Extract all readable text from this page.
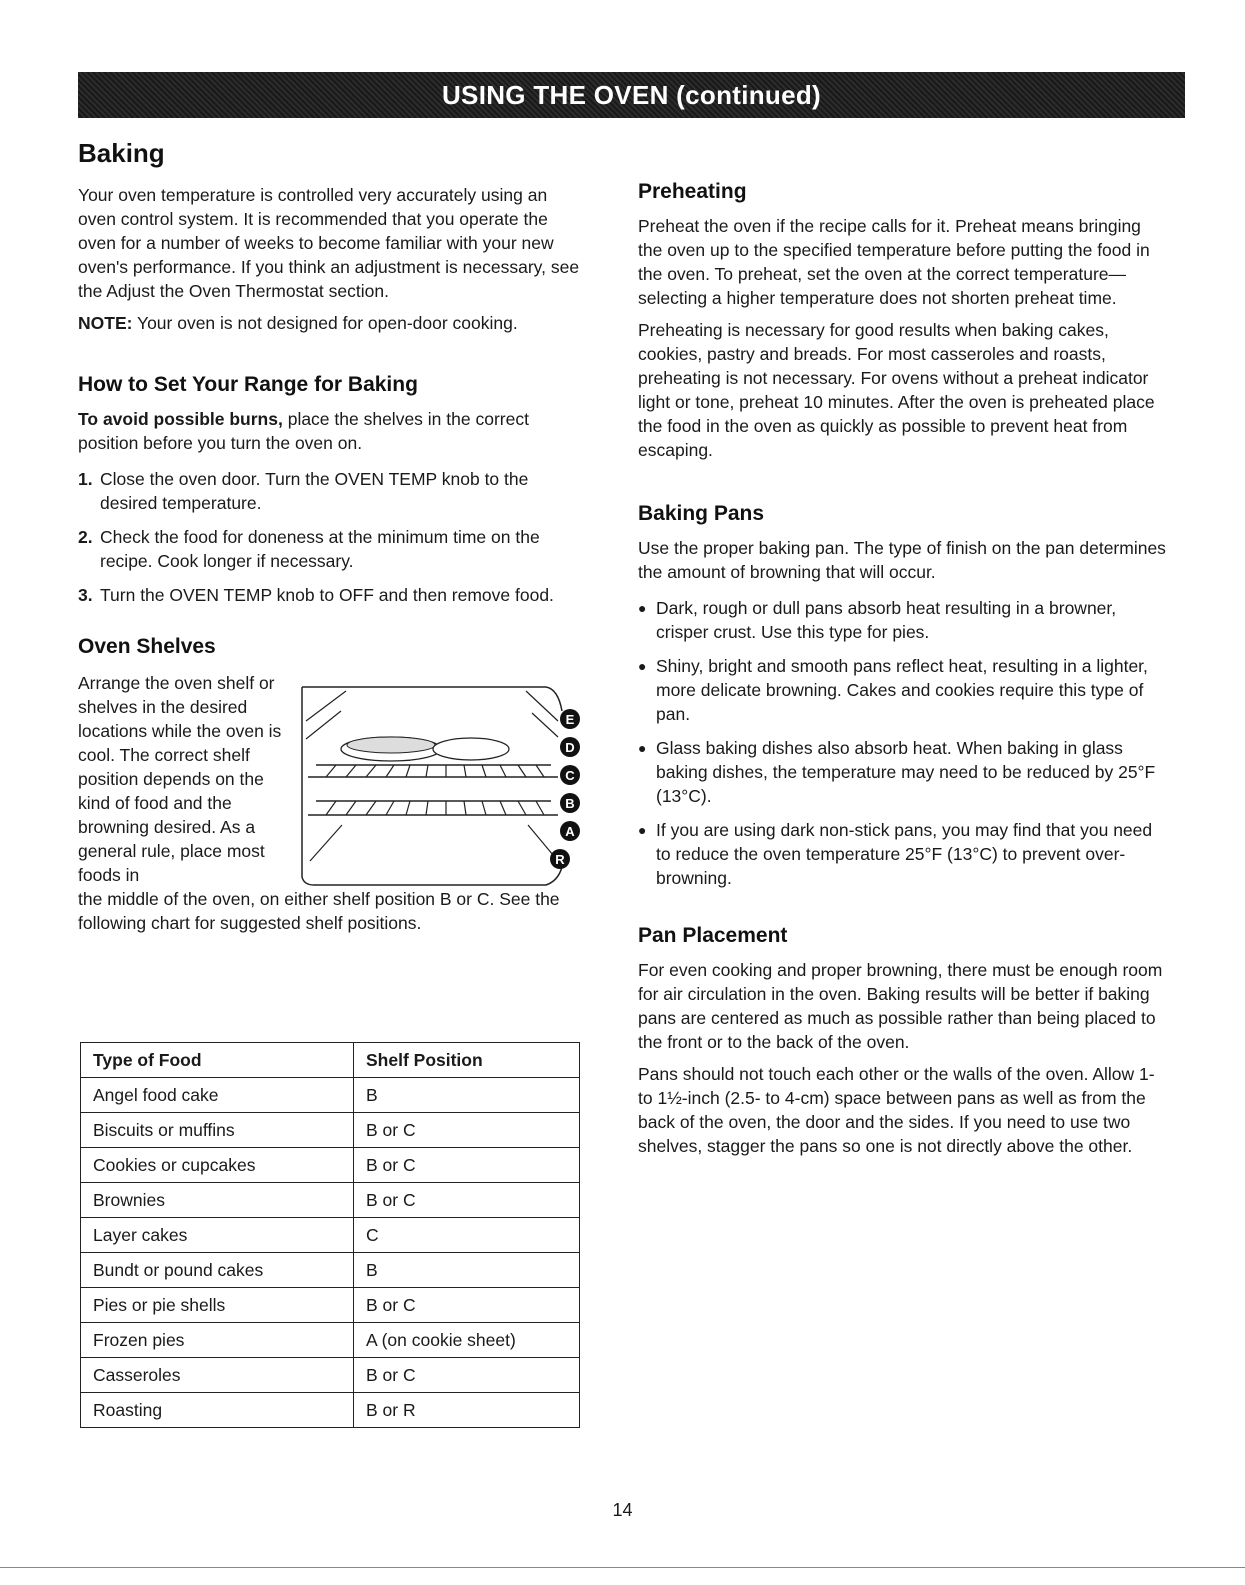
USING THE OVEN (continued)
Baking

Your oven temperature is controlled very accurately using an oven control system. It is recommended that you operate the oven for a number of weeks to become familiar with your new oven's performance. If you think an adjustment is necessary, see the Adjust the Oven Thermostat section.

NOTE: Your oven is not designed for open-door cooking.

How to Set Your Range for Baking

To avoid possible burns, place the shelves in the correct position before you turn the oven on.

1. Close the oven door. Turn the OVEN TEMP knob to the desired temperature.
2. Check the food for doneness at the minimum time on the recipe. Cook longer if necessary.
3. Turn the OVEN TEMP knob to OFF and then remove food.
Oven Shelves

Arrange the oven shelf or shelves in the desired locations while the oven is cool. The correct shelf position depends on the kind of food and the browning desired. As a general rule, place most foods in

E
D
C
B
A
R

the middle of the oven, on either shelf position B or C. See the following chart for suggested shelf positions.

Type of Food	Shelf Position
Angel food cake	B
Biscuits or muffins	B or C
Cookies or cupcakes	B or C
Brownies	B or C
Layer cakes	C
Bundt or pound cakes	B
Pies or pie shells	B or C
Frozen pies	A (on cookie sheet)
Casseroles	B or C
Roasting	B or R
Preheating

Preheat the oven if the recipe calls for it. Preheat means bringing the oven up to the specified temperature before putting the food in the oven. To preheat, set the oven at the correct temperature—selecting a higher temperature does not shorten preheat time.

Preheating is necessary for good results when baking cakes, cookies, pastry and breads. For most casseroles and roasts, preheating is not necessary. For ovens without a preheat indicator light or tone, preheat 10 minutes. After the oven is preheated place the food in the oven as quickly as possible to prevent heat from escaping.

Baking Pans

Use the proper baking pan. The type of finish on the pan determines the amount of browning that will occur.

● Dark, rough or dull pans absorb heat resulting in a browner, crisper crust. Use this type for pies.
● Shiny, bright and smooth pans reflect heat, resulting in a lighter, more delicate browning. Cakes and cookies require this type of pan.
● Glass baking dishes also absorb heat. When baking in glass baking dishes, the temperature may need to be reduced by 25°F (13°C).
● If you are using dark non-stick pans, you may find that you need to reduce the oven temperature 25°F (13°C) to prevent over-browning.
Pan Placement

For even cooking and proper browning, there must be enough room for air circulation in the oven. Baking results will be better if baking pans are centered as much as possible rather than being placed to the front or to the back of the oven.

Pans should not touch each other or the walls of the oven. Allow 1- to 1½-inch (2.5- to 4-cm) space between pans as well as from the back of the oven, the door and the sides. If you need to use two shelves, stagger the pans so one is not directly above the other.

14
